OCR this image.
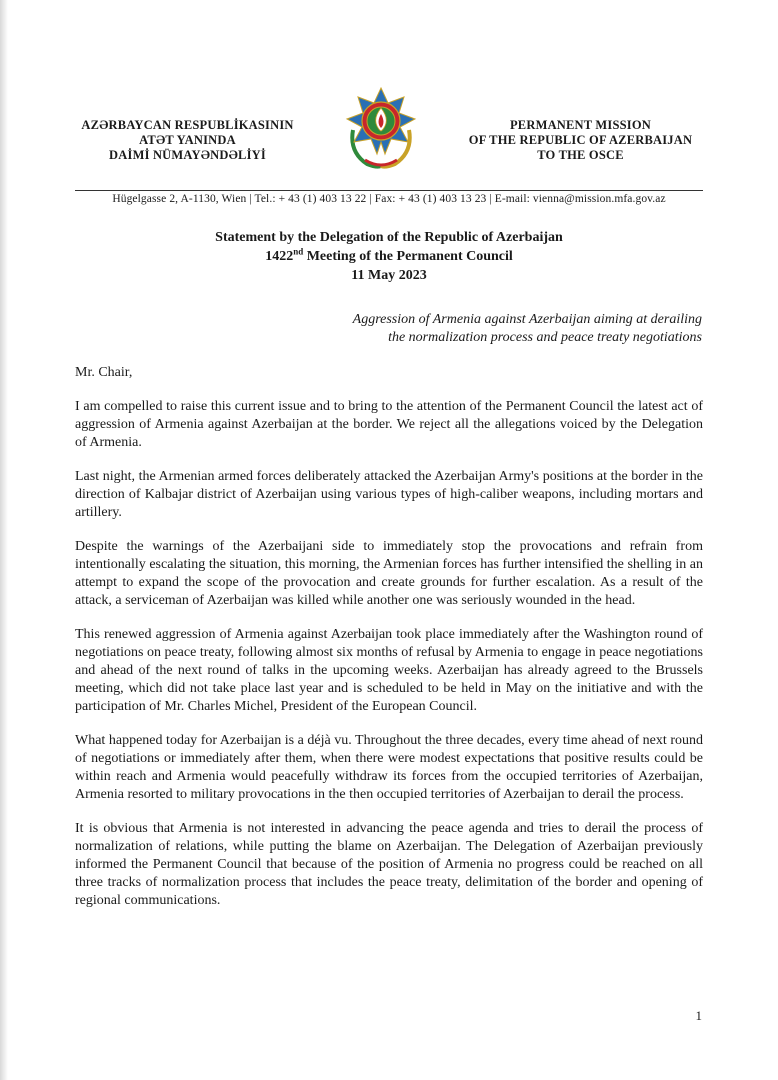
AZƏRBAYCAN RESPUBLİKASININ
ATƏT YANINDA
DAİMİ NÜMAYƏNDƏLİYİ
PERMANENT MISSION
OF THE REPUBLIC OF AZERBAIJAN
TO THE OSCE
Hügelgasse 2, A-1130, Wien | Tel.: + 43 (1) 403 13 22 | Fax: + 43 (1) 403 13 23 | E-mail: vienna@mission.mfa.gov.az
Statement by the Delegation of the Republic of Azerbaijan
1422nd Meeting of the Permanent Council
11 May 2023
Aggression of Armenia against Azerbaijan aiming at derailing
the normalization process and peace treaty negotiations
Mr. Chair,

I am compelled to raise this current issue and to bring to the attention of the Permanent Council the latest act of aggression of Armenia against Azerbaijan at the border. We reject all the allegations voiced by the Delegation of Armenia.

Last night, the Armenian armed forces deliberately attacked the Azerbaijan Army's positions at the border in the direction of Kalbajar district of Azerbaijan using various types of high-caliber weapons, including mortars and artillery.

Despite the warnings of the Azerbaijani side to immediately stop the provocations and refrain from intentionally escalating the situation, this morning, the Armenian forces has further intensified the shelling in an attempt to expand the scope of the provocation and create grounds for further escalation. As a result of the attack, a serviceman of Azerbaijan was killed while another one was seriously wounded in the head.

This renewed aggression of Armenia against Azerbaijan took place immediately after the Washington round of negotiations on peace treaty, following almost six months of refusal by Armenia to engage in peace negotiations and ahead of the next round of talks in the upcoming weeks. Azerbaijan has already agreed to the Brussels meeting, which did not take place last year and is scheduled to be held in May on the initiative and with the participation of Mr. Charles Michel, President of the European Council.

What happened today for Azerbaijan is a déjà vu. Throughout the three decades, every time ahead of next round of negotiations or immediately after them, when there were modest expectations that positive results could be within reach and Armenia would peacefully withdraw its forces from the occupied territories of Azerbaijan, Armenia resorted to military provocations in the then occupied territories of Azerbaijan to derail the process.

It is obvious that Armenia is not interested in advancing the peace agenda and tries to derail the process of normalization of relations, while putting the blame on Azerbaijan. The Delegation of Azerbaijan previously informed the Permanent Council that because of the position of Armenia no progress could be reached on all three tracks of normalization process that includes the peace treaty, delimitation of the border and opening of regional communications.

1
